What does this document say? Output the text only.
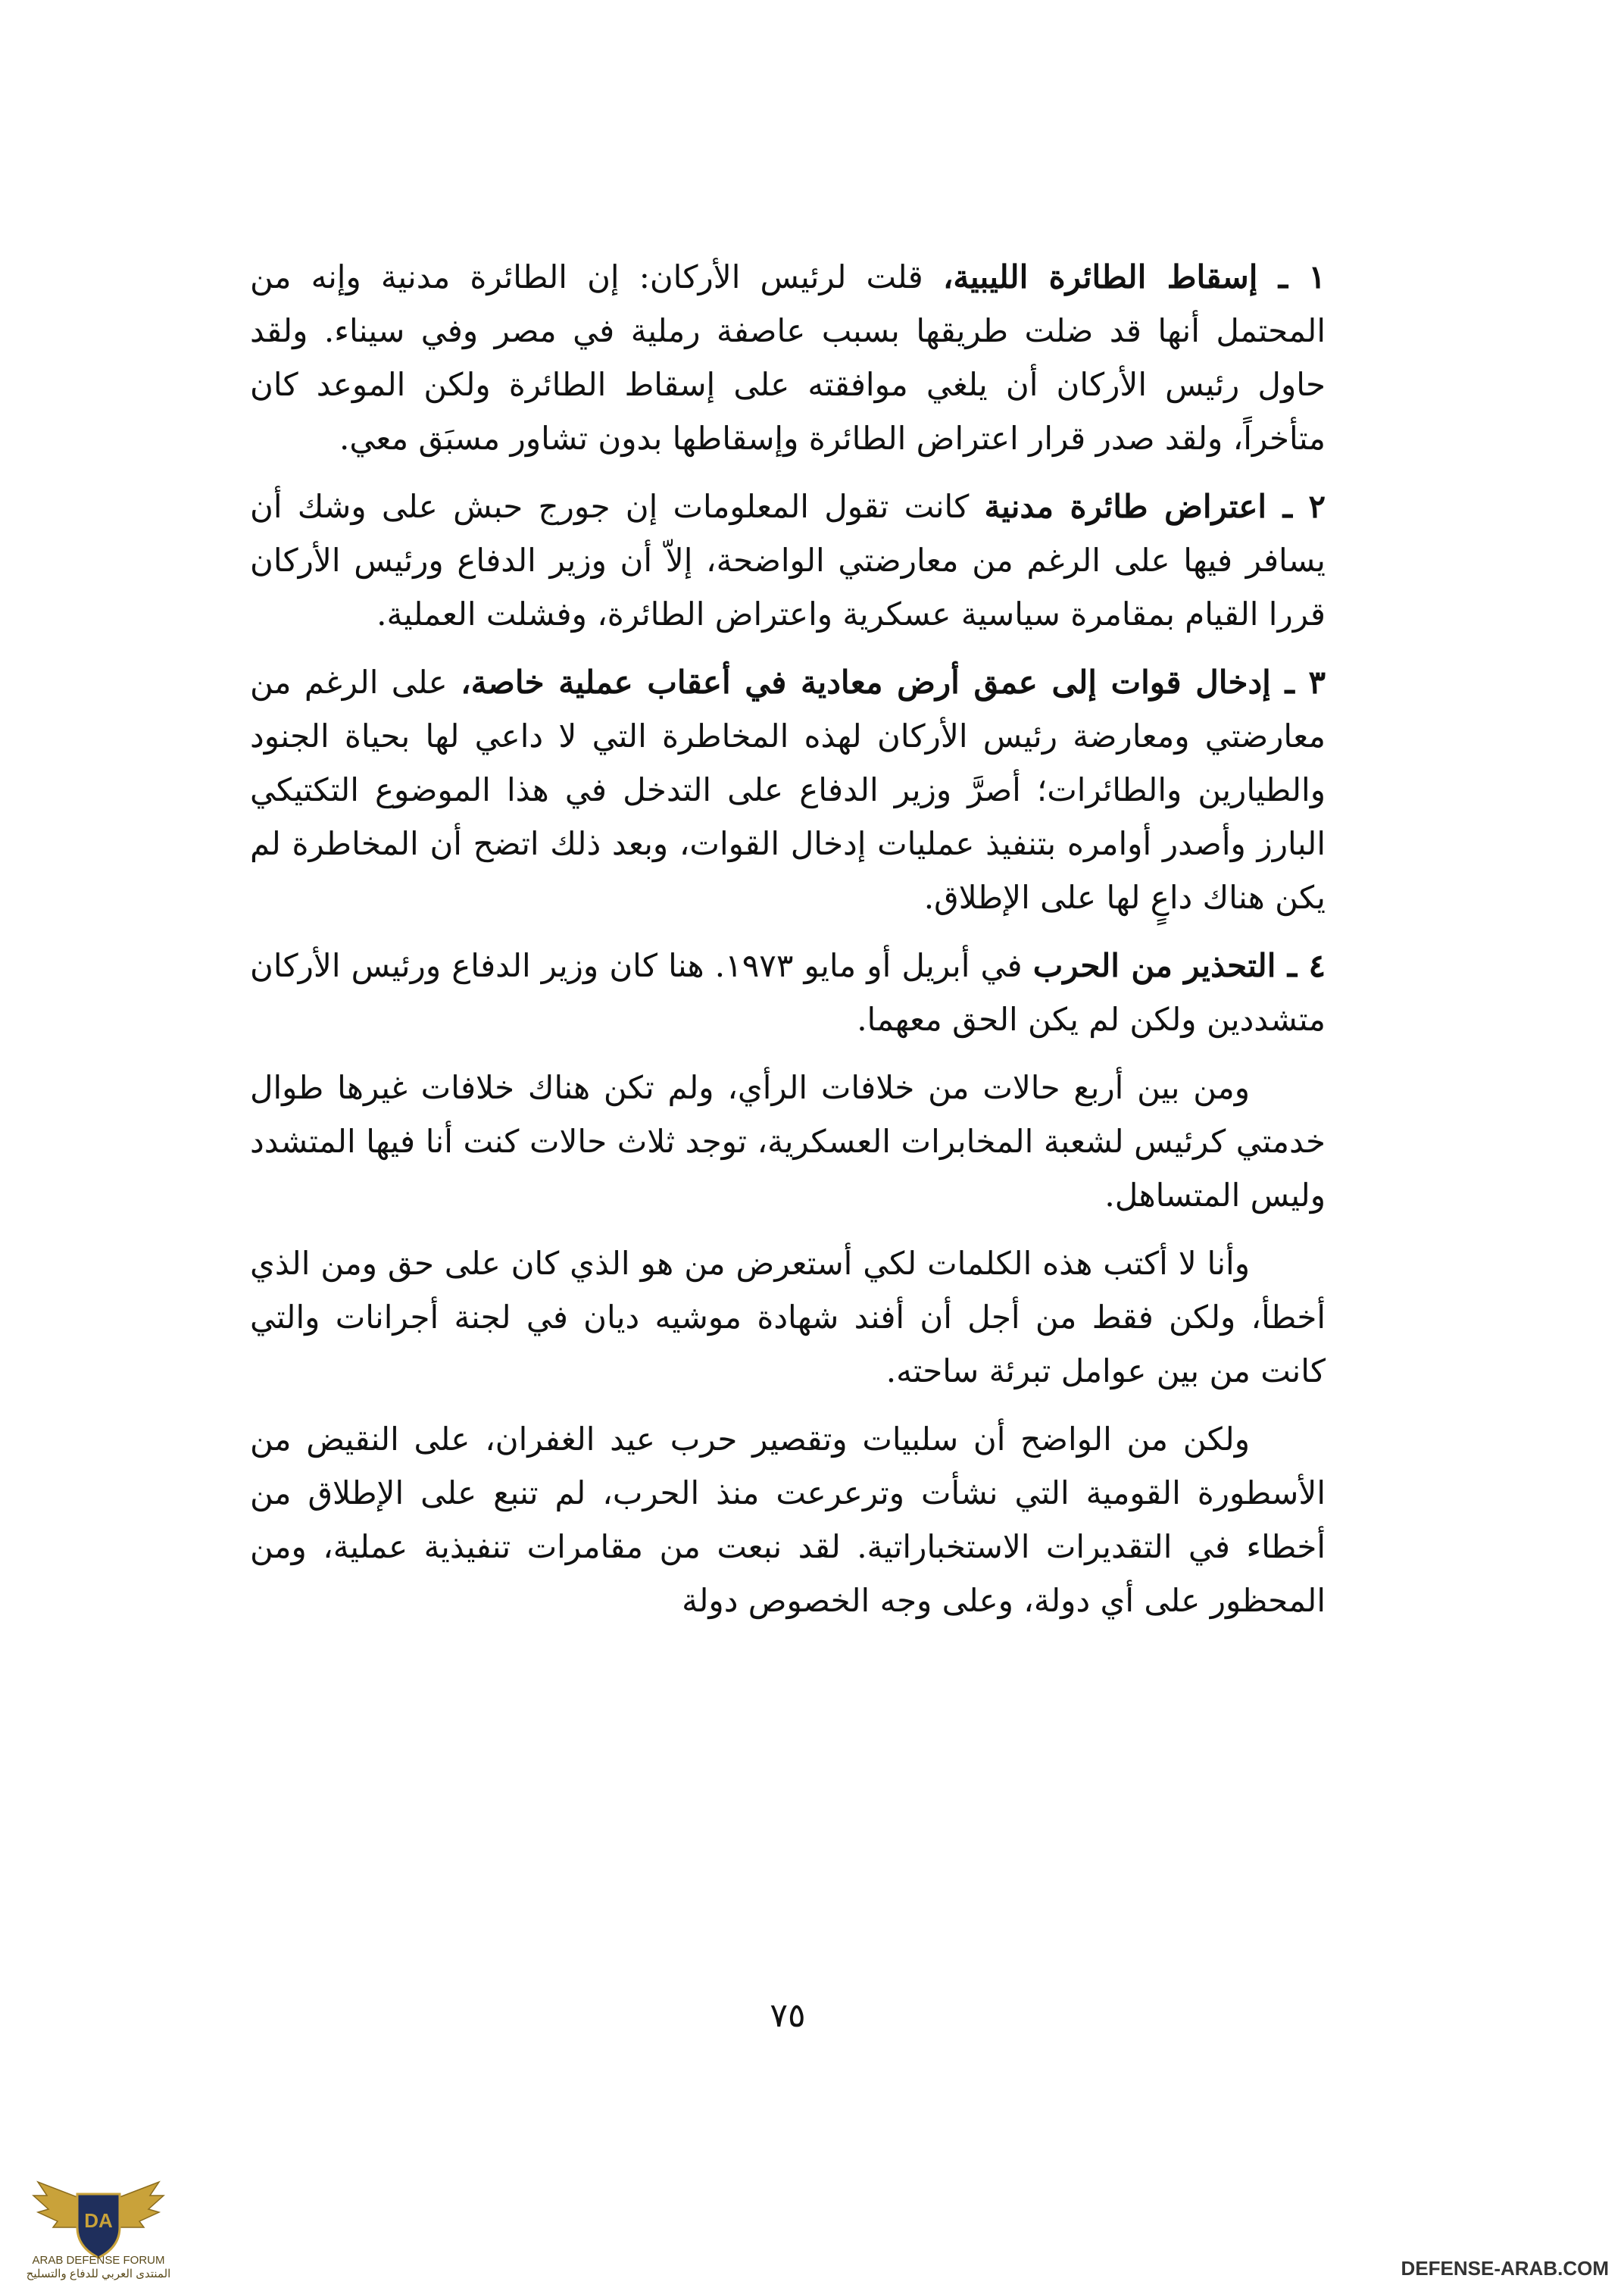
١ ـ إسقاط الطائرة الليبية، قلت لرئيس الأركان: إن الطائرة مدنية وإنه من المحتمل أنها قد ضلت طريقها بسبب عاصفة رملية في مصر وفي سيناء. ولقد حاول رئيس الأركان أن يلغي موافقته على إسقاط الطائرة ولكن الموعد كان متأخراً، ولقد صدر قرار اعتراض الطائرة وإسقاطها بدون تشاور مسبَق معي.

٢ ـ اعتراض طائرة مدنية كانت تقول المعلومات إن جورج حبش على وشك أن يسافر فيها على الرغم من معارضتي الواضحة، إلاّ أن وزير الدفاع ورئيس الأركان قررا القيام بمقامرة سياسية عسكرية واعتراض الطائرة، وفشلت العملية.

٣ ـ إدخال قوات إلى عمق أرض معادية في أعقاب عملية خاصة، على الرغم من معارضتي ومعارضة رئيس الأركان لهذه المخاطرة التي لا داعي لها بحياة الجنود والطيارين والطائرات؛ أصرَّ وزير الدفاع على التدخل في هذا الموضوع التكتيكي البارز وأصدر أوامره بتنفيذ عمليات إدخال القوات، وبعد ذلك اتضح أن المخاطرة لم يكن هناك داعٍ لها على الإطلاق.

٤ ـ التحذير من الحرب في أبريل أو مايو ١٩٧٣. هنا كان وزير الدفاع ورئيس الأركان متشددين ولكن لم يكن الحق معهما.

ومن بين أربع حالات من خلافات الرأي، ولم تكن هناك خلافات غيرها طوال خدمتي كرئيس لشعبة المخابرات العسكرية، توجد ثلاث حالات كنت أنا فيها المتشدد وليس المتساهل.

وأنا لا أكتب هذه الكلمات لكي أستعرض من هو الذي كان على حق ومن الذي أخطأ، ولكن فقط من أجل أن أفند شهادة موشيه ديان في لجنة أجرانات والتي كانت من بين عوامل تبرئة ساحته.

ولكن من الواضح أن سلبيات وتقصير حرب عيد الغفران، على النقيض من الأسطورة القومية التي نشأت وترعرعت منذ الحرب، لم تنبع على الإطلاق من أخطاء في التقديرات الاستخباراتية. لقد نبعت من مقامرات تنفيذية عملية، ومن المحظور على أي دولة، وعلى وجه الخصوص دولة

٧٥
DA
ARAB DEFENSE FORUM
المنتدى العربي للدفاع والتسليح	DEFENSE-ARAB.COM
